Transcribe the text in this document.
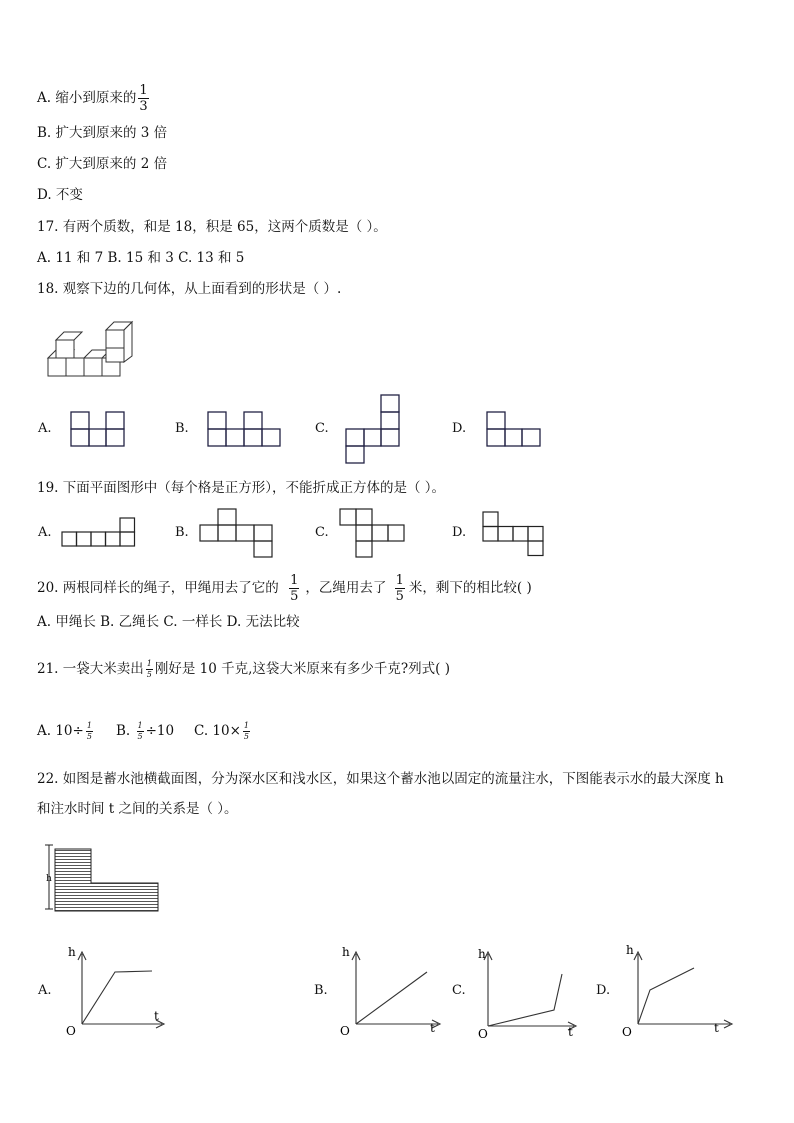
A. 缩小到原来的 $\frac{1}{3}$
B. 扩大到原来的 3 倍
C. 扩大到原来的 2 倍
D. 不变
17. 有两个质数，和是 18，积是 65，这两个质数是（ ）。
A. 11 和 7 B. 15 和 3 C. 13 和 5
18. 观察下边的几何体，从上面看到的形状是（ ）.
A.	B.	C.	D.
19. 下面平面图形中（每个格是正方形），不能折成正方体的是（ ）。
A.	B.	C.	D.
20. 两根同样长的绳子，甲绳用去了它的 $\frac{1}{5}$ ，乙绳用去了 $\frac{1}{5}$ 米，剩下的相比较( )
A. 甲绳长 B. 乙绳长 C. 一样长 D. 无法比较
21. 一袋大米卖出 $\frac{1}{5}$ 刚好是 10 千克,这袋大米原来有多少千克?列式( )
A. $10\div \frac{1}{5} B$. $\frac{1}{5} \div 10$ C. $10\times \frac{1}{5}$
22. 如图是蓄水池横截面图，分为深水区和浅水区，如果这个蓄水池以固定的流量注水，下图能表示水的最大深度 h
和注水时间 t 之间的关系是（ ）。
h
A.
h
t
O
B.
h
t
O
C.
h
t
O
D.
h
t
O
